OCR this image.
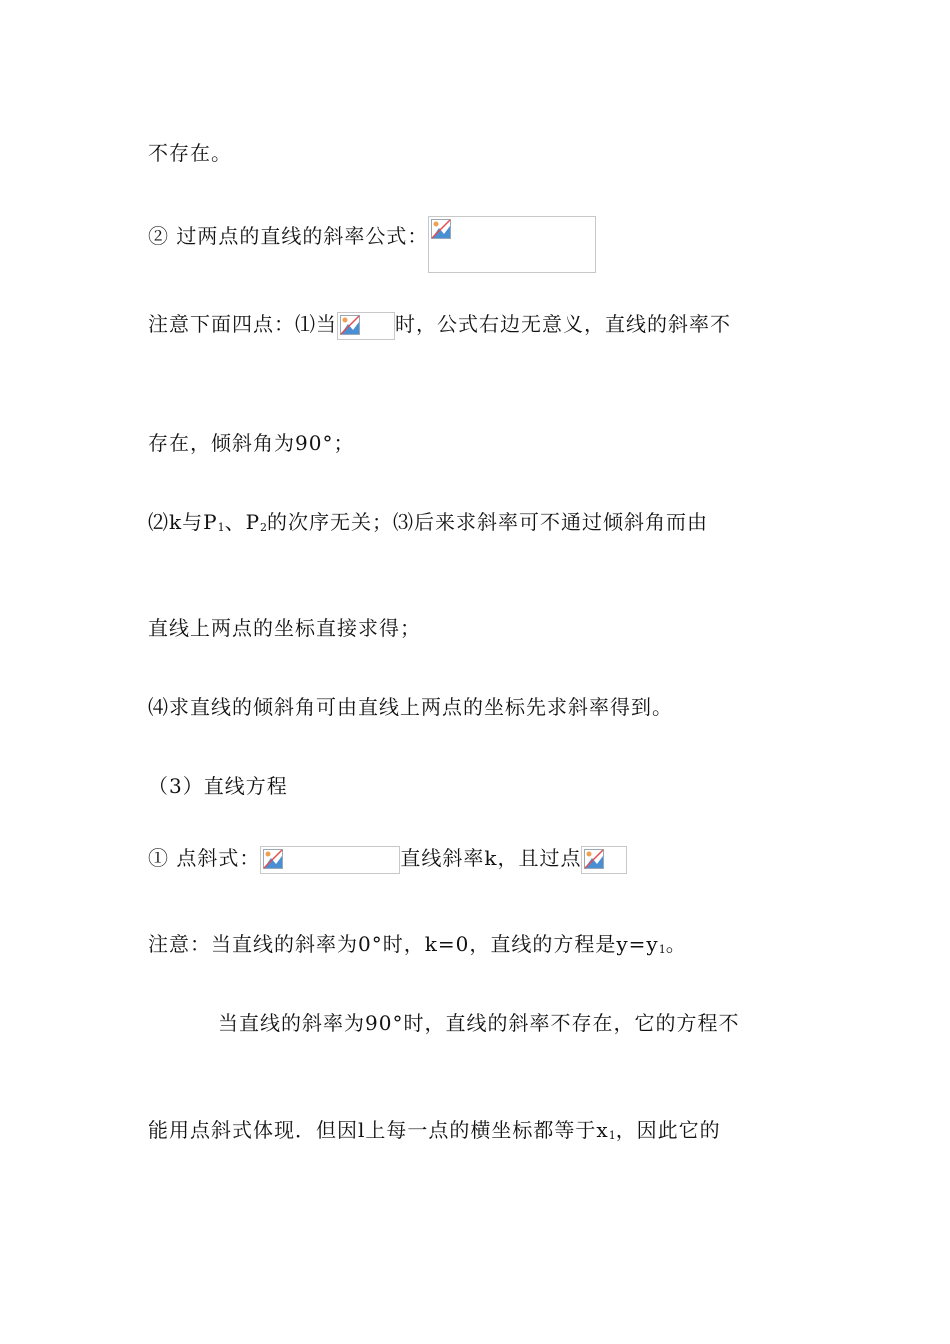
不存在。
② 过两点的直线的斜率公式：
注意下面四点：⑴当	时，公式右边无意义，直线的斜率不
存在，倾斜角为90°；
⑵k与$P_1$、$P_2$的次序无关；⑶后来求斜率可不通过倾斜角而由
直线上两点的坐标直接求得；
⑷求直线的倾斜角可由直线上两点的坐标先求斜率得到。
（3）直线方程
① 点斜式：	直线斜率k，且过点
注意：当直线的斜率为0°时，k=0，直线的方程是$y=y_1$。
当直线的斜率为90°时，直线的斜率不存在，它的方程不
能用点斜式体现．但因l上每一点的横坐标都等于$x_1$，因此它的
